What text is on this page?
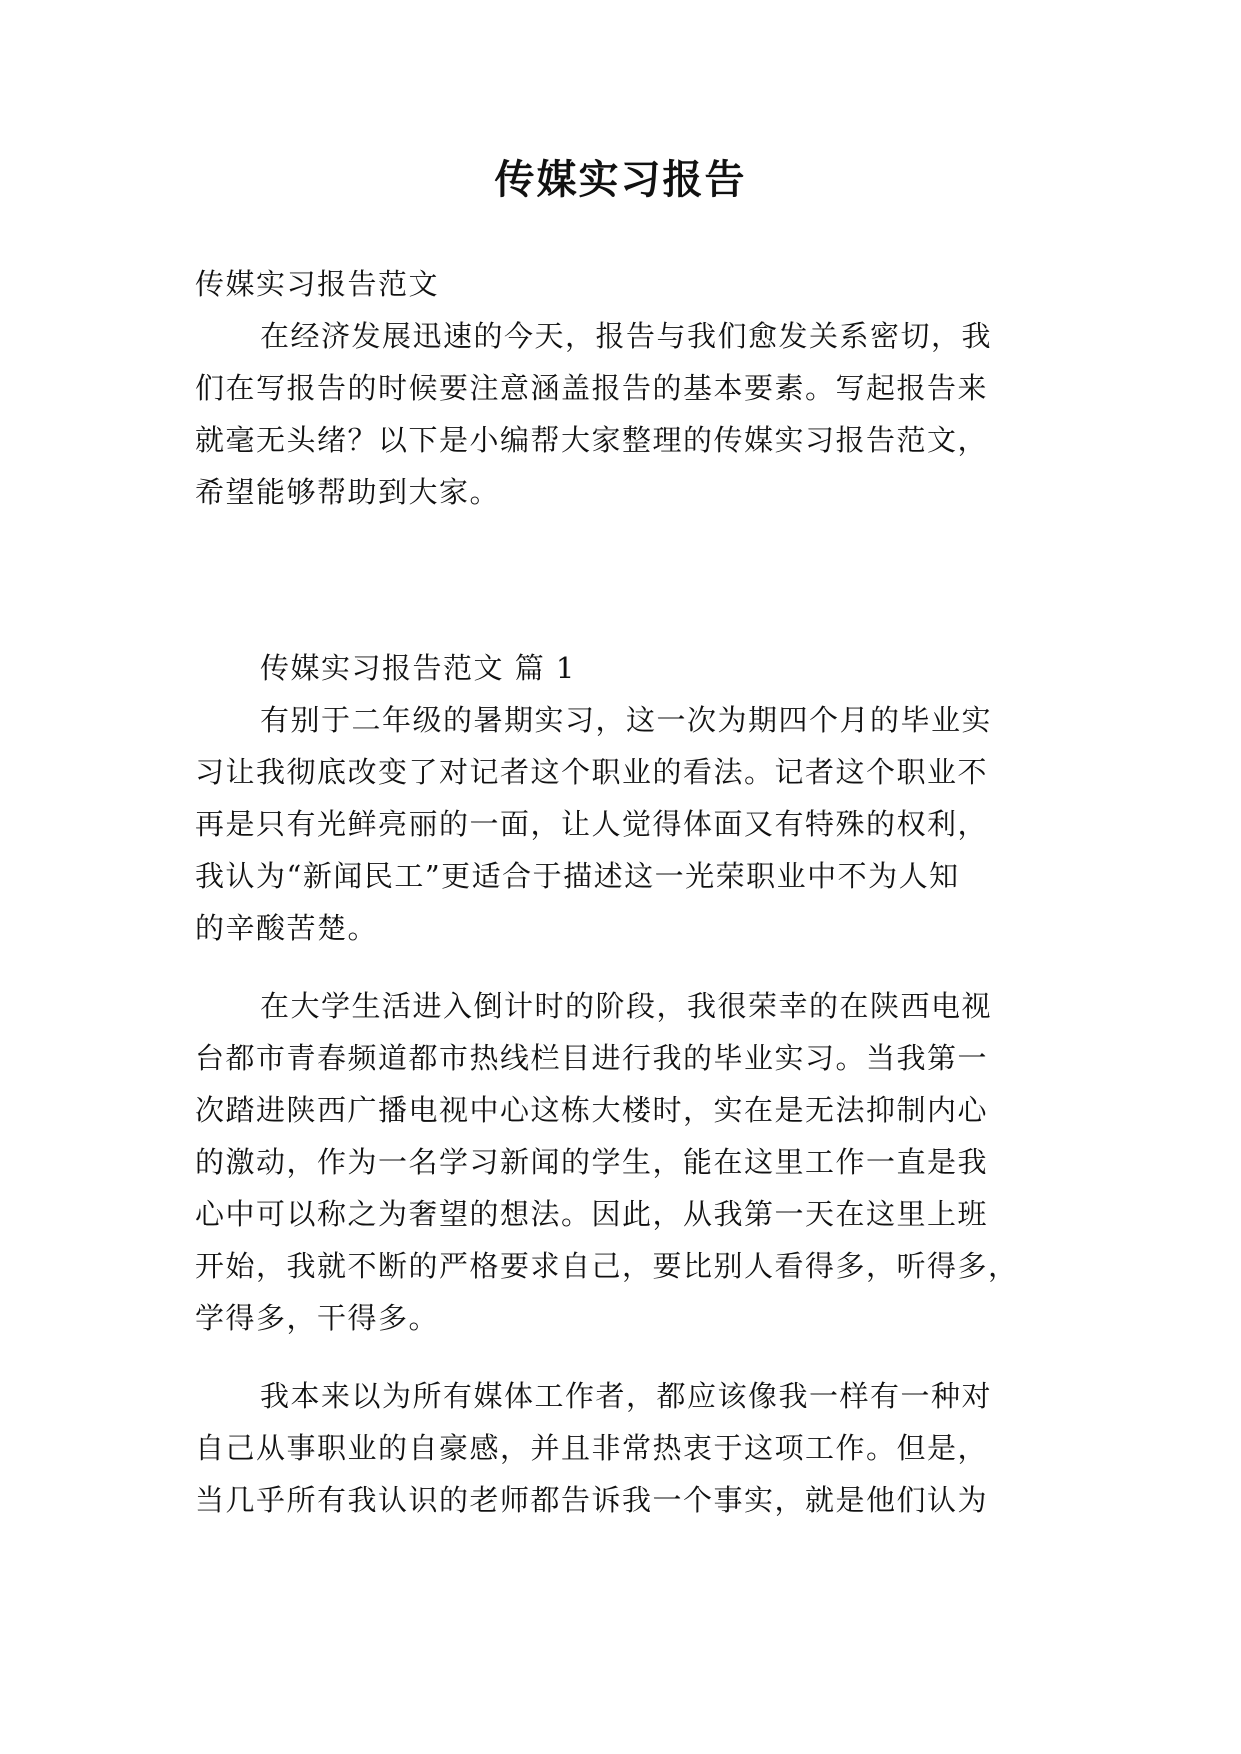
传媒实习报告

传媒实习报告范文

在经济发展迅速的今天，报告与我们愈发关系密切，我

们在写报告的时候要注意涵盖报告的基本要素。写起报告来

就毫无头绪？以下是小编帮大家整理的传媒实习报告范文，

希望能够帮助到大家。

传媒实习报告范文 篇 1

有别于二年级的暑期实习，这一次为期四个月的毕业实

习让我彻底改变了对记者这个职业的看法。记者这个职业不

再是只有光鲜亮丽的一面，让人觉得体面又有特殊的权利，

我认为“新闻民工”更适合于描述这一光荣职业中不为人知

的辛酸苦楚。

在大学生活进入倒计时的阶段，我很荣幸的在陕西电视

台都市青春频道都市热线栏目进行我的毕业实习。当我第一

次踏进陕西广播电视中心这栋大楼时，实在是无法抑制内心

的激动，作为一名学习新闻的学生，能在这里工作一直是我

心中可以称之为奢望的想法。因此，从我第一天在这里上班

开始，我就不断的严格要求自己，要比别人看得多，听得多，

学得多，干得多。

我本来以为所有媒体工作者，都应该像我一样有一种对

自己从事职业的自豪感，并且非常热衷于这项工作。但是，

当几乎所有我认识的老师都告诉我一个事实，就是他们认为
